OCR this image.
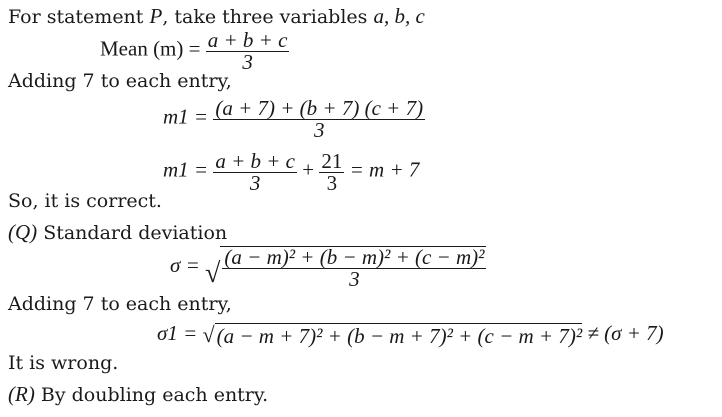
For statement P, take three variables a, b, c
Mean $(m) = \frac{a + b + c}{3}$
Adding 7 to each entry,
$m1 = \frac{(a + 7) + (b + 7) (c + 7)}{3}$
$m1 = \frac{a + b + c}{3} + \frac{21}{3} = m + 7$
So, it is correct.
(Q) Standard deviation
σ = √ $\frac{\text{(a − m)² + (b − m)² + (c − m)²}}{3}$
Adding 7 to each entry,
σ1 = √ (a − m + 7)² + (b − m + 7)² + (c − m + 7)² ≠ (σ + 7)
It is wrong.
(R) By doubling each entry.
